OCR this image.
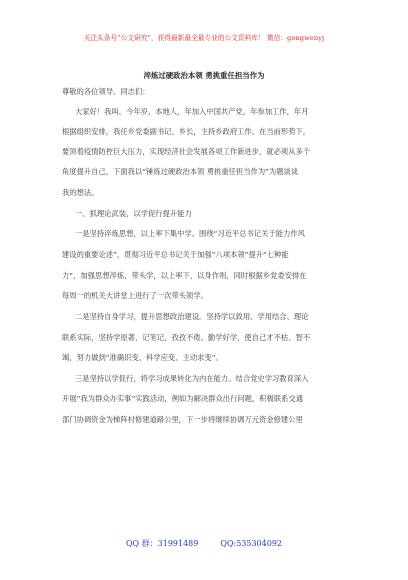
关注头条号“公文研究”，获得最新最全最专业的公文资料库！ 微信：gongwenyj
淬炼过硬政治本领 勇挑重任担当作为
尊敬的各位领导、同志们：
大家好！我叫，今年岁，本地人，年加入中国共产党，年参加工作，年月
根据组织安排，我任乡党委副书记、乡长，主持乡政府工作。在当前形势下，
要顶着疫情防控巨大压力，实现经济社会发展各项工作新进步，就必须从多个
角度提升自己，下面我以“锤炼过硬政治本领 勇挑重任担当作为”为题谈谈
我的想法。
一、抓理论武装，以学促行提升能力
一是坚持淬炼思想，以上率下集中学。围绕“习近平总书记关于能力作风
建设的重要论述”，贯彻习近平总书记关于加强“八项本领”提升“七种能
力”，加强思想淬炼，带头学，以上率下，以身作则，同时根据乡党委安排在
每周一的机关大讲堂上进行了一次带头领学。
二是坚持自身学习，提升思想政治建设。坚持学以致用、学用结合、理论
联系实际，坚持学原著、记笔记，孜孜不倦、勤学好学，使自己才不枯、智不
竭，努力做到“准确识变、科学应变、主动求变”。
三是坚持以学促行，将学习成果转化为内在能力。结合党史学习教育深入
开展“我为群众办实事”实践活动，例如为解决群众出行问题，积极联系交通
部门协调资金为梯阵村修建道路公里，下一步将继续协调万元资金修建公里
QQ 群：31991489	QQ:535304092
